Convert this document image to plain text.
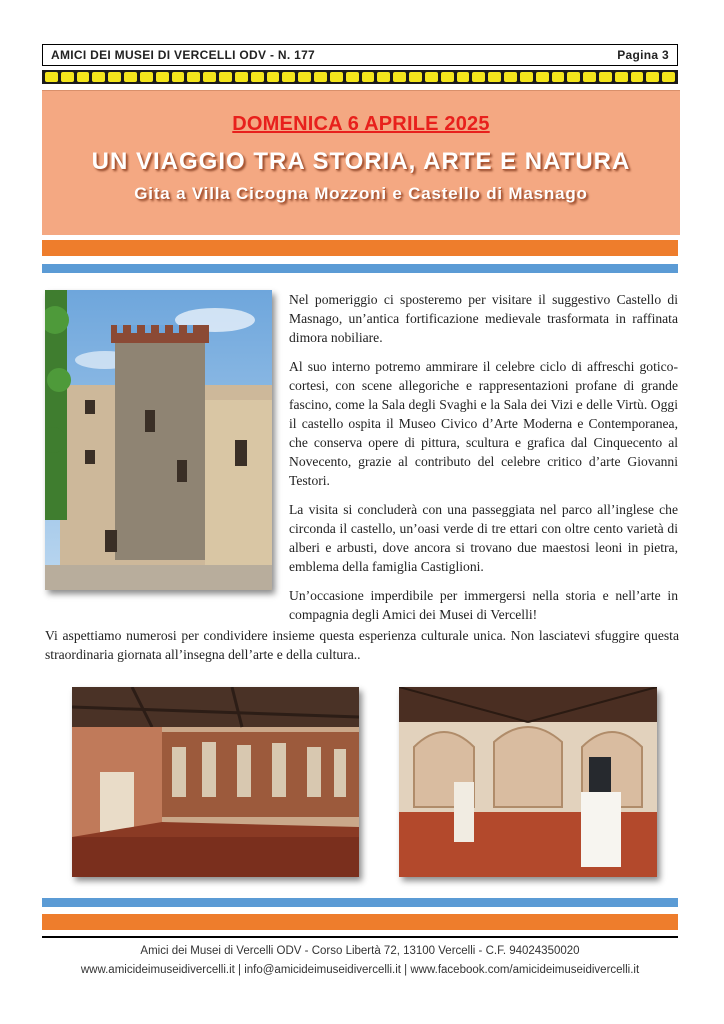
AMICI DEI MUSEI DI VERCELLI ODV - N. 177	Pagina 3
DOMENICA 6 APRILE 2025
UN VIAGGIO TRA STORIA, ARTE E NATURA
Gita a Villa Cicogna Mozzoni e Castello di Masnago

Nel pomeriggio ci sposteremo per visitare il suggestivo Castello di Masnago, un’antica fortificazione medievale trasformata in raffinata dimora nobiliare.

Al suo interno potremo ammirare il celebre ciclo di affreschi gotico-cortesi, con scene allegoriche e rappresentazioni profane di grande fascino, come la Sala degli Svaghi e la Sala dei Vizi e delle Virtù. Oggi il castello ospita il Museo Civico d’Arte Moderna e Contemporanea, che conserva opere di pittura, scultura e grafica dal Cinquecento al Novecento, grazie al contributo del celebre critico d’arte Giovanni Testori.

La visita si concluderà con una passeggiata nel parco all’inglese che circonda il castello, un’oasi verde di tre ettari con oltre cento varietà di alberi e arbusti, dove ancora si trovano due maestosi leoni in pietra, emblema della famiglia Castiglioni.

Un’occasione imperdibile per immergersi nella storia e nell’arte in compagnia degli Amici dei Musei di Vercelli!

Vi aspettiamo numerosi per condividere insieme questa esperienza culturale unica. Non lasciatevi sfuggire questa straordinaria giornata all’insegna dell’arte e della cultura..

Amici dei Musei di Vercelli ODV - Corso Libertà 72, 13100 Vercelli - C.F. 94024350020
www.amicideimuseidivercelli.it | info@amicideimuseidivercelli.it | www.facebook.com/amicideimuseidivercelli.it
